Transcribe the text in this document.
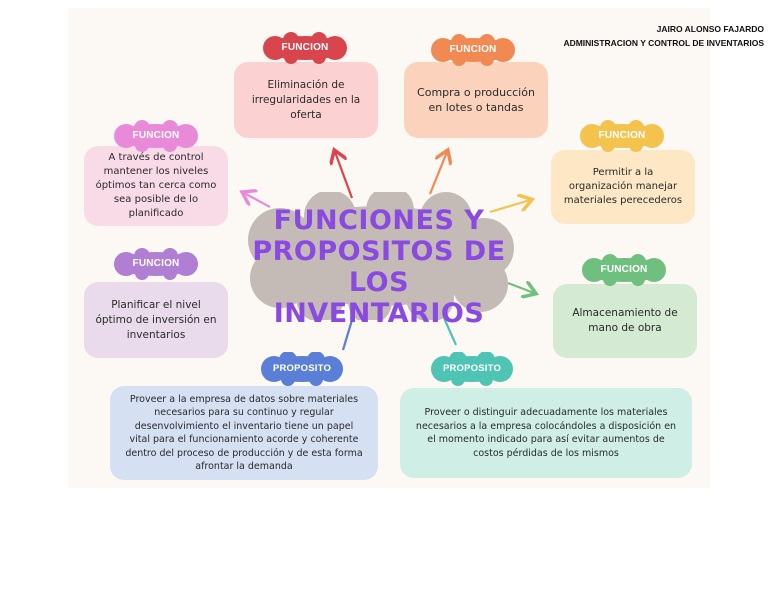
JAIRO ALONSO FAJARDO
ADMINISTRACION Y CONTROL DE INVENTARIOS
FUNCIONES Y
PROPOSITOS DE
LOS INVENTARIOS
Eliminación de irregularidades en la oferta
FUNCION
Compra o producción en lotes o tandas
FUNCION
A través de control mantener los niveles óptimos tan cerca como sea posible de lo planificado
FUNCION
Permitir a la organización manejar materiales perecederos
FUNCION
Planificar el nivel óptimo de inversión en inventarios
FUNCION
Almacenamiento de mano de obra
FUNCION
Proveer a la empresa de datos sobre materiales necesarios para su continuo y regular desenvolvimiento el inventario tiene un papel vital para el funcionamiento acorde y coherente dentro del proceso de producción y de esta forma afrontar la demanda
PROPOSITO
Proveer o distinguir adecuadamente los materiales necesarios a la empresa colocándoles a disposición en el momento indicado para así evitar aumentos de costos pérdidas de los mismos
PROPOSITO
